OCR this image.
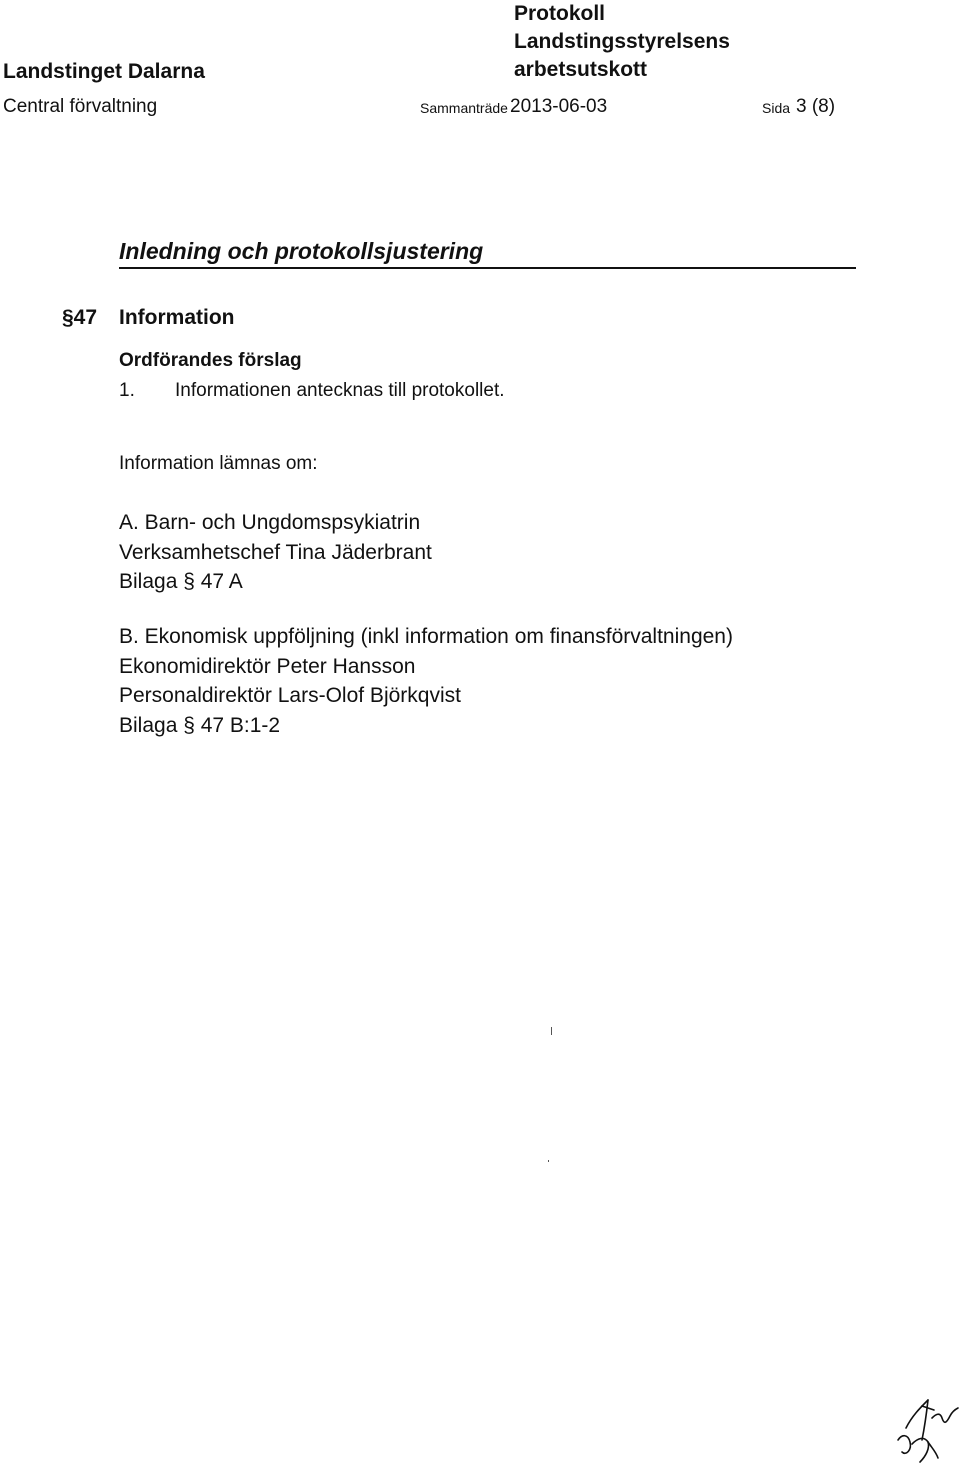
Landstinget Dalarna
Central förvaltning
Protokoll
Landstingsstyrelsens
arbetsutskott
Sammanträde 2013-06-03	Sida 3 (8)
Inledning och protokollsjustering
§47 Information
Ordförandes förslag
1. Informationen antecknas till protokollet.
Information lämnas om:
A. Barn- och Ungdomspsykiatrin
Verksamhetschef Tina Jäderbrant
Bilaga § 47 A
B. Ekonomisk uppföljning (inkl information om finansförvaltningen)
Ekonomidirektör Peter Hansson
Personaldirektör Lars-Olof Björkqvist
Bilaga § 47 B:1-2
